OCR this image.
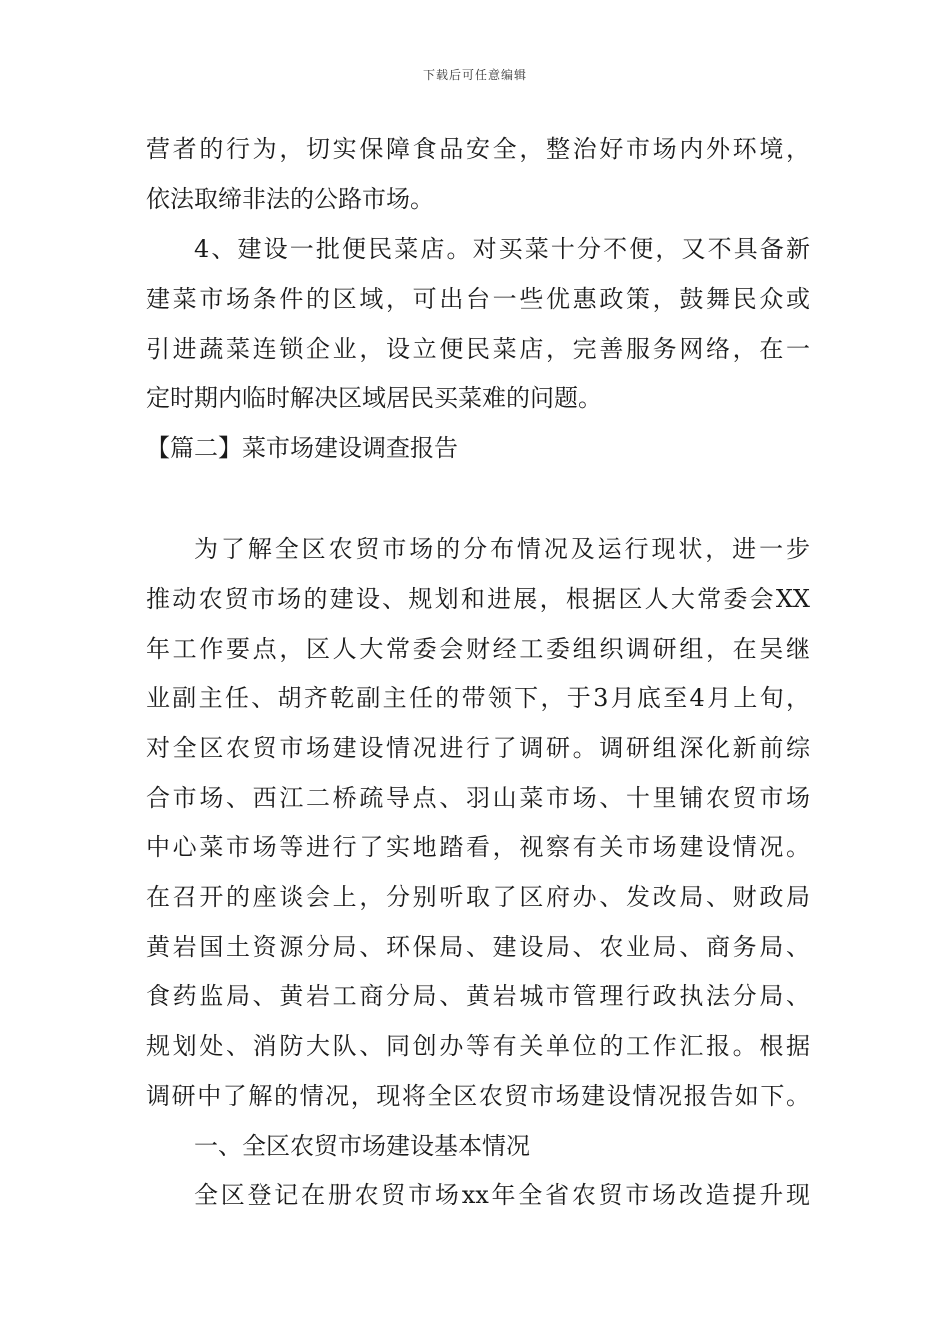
下载后可任意编辑
营者的行为，切实保障食品安全，整治好市场内外环境，
依法取缔非法的公路市场。
4、建设一批便民菜店。对买菜十分不便，又不具备新
建菜市场条件的区域，可出台一些优惠政策，鼓舞民众或
引进蔬菜连锁企业，设立便民菜店，完善服务网络，在一
定时期内临时解决区域居民买菜难的问题。
【篇二】菜市场建设调查报告
为了解全区农贸市场的分布情况及运行现状，进一步
推动农贸市场的建设、规划和进展，根据区人大常委会XX
年工作要点，区人大常委会财经工委组织调研组，在吴继
业副主任、胡齐乾副主任的带领下，于3月底至4月上旬，
对全区农贸市场建设情况进行了调研。调研组深化新前综
合市场、西江二桥疏导点、羽山菜市场、十里铺农贸市场
中心菜市场等进行了实地踏看，视察有关市场建设情况。
在召开的座谈会上，分别听取了区府办、发改局、财政局
黄岩国土资源分局、环保局、建设局、农业局、商务局、
食药监局、黄岩工商分局、黄岩城市管理行政执法分局、
规划处、消防大队、同创办等有关单位的工作汇报。根据
调研中了解的情况，现将全区农贸市场建设情况报告如下。
一、全区农贸市场建设基本情况
全区登记在册农贸市场xx年全省农贸市场改造提升现
